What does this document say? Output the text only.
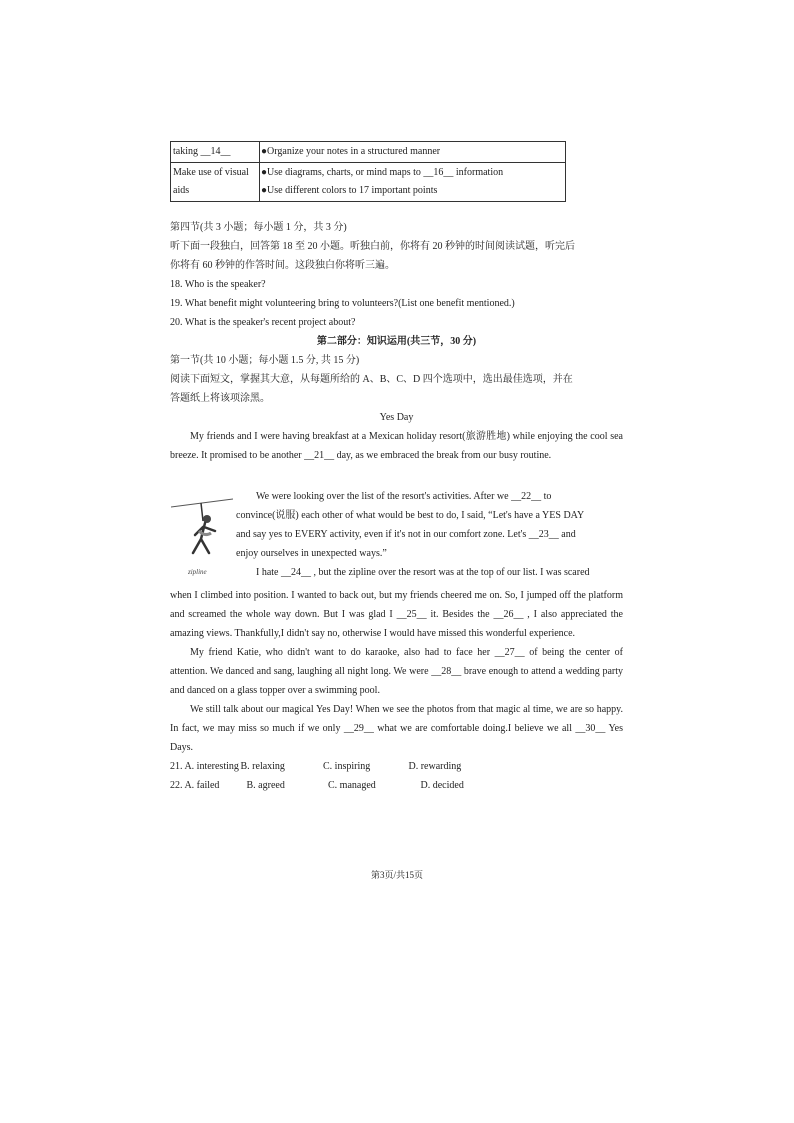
taking __14__	●Organize your notes in a structured manner

Make use of visual aids	●Use diagrams, charts, or mind maps to __16__ information
●Use different colors to 17 important points
第四节(共 3 小题；每小题 1 分，共 3 分)
听下面一段独白，回答第 18 至 20 小题。听独白前，你将有 20 秒钟的时间阅读试题，听完后
你将有 60 秒钟的作答时间。这段独白你将听三遍。
18. Who is the speaker?
19. What benefit might volunteering bring to volunteers?(List one benefit mentioned.)
20. What is the speaker's recent project about?
第二部分：知识运用(共三节，30 分)
第一节(共 10 小题；每小题 1.5 分, 共 15 分)
阅读下面短文，掌握其大意，从每题所给的 A、B、C、D 四个选项中，选出最佳选项，并在
答题纸上将该项涂黑。
Yes Day
My friends and I were having breakfast at a Mexican holiday resort(旅游胜地) while enjoying the cool sea breeze. It promised to be another __21__ day, as we embraced the break from our busy routine.
zipline
We were looking over the list of the resort's activities. After we __22__ to
convince(说服) each other of what would be best to do, I said, “Let's have a YES DAY
and say yes to EVERY activity, even if it's not in our comfort zone. Let's __23__ and
enjoy ourselves in unexpected ways.”
I hate __24__ , but the zipline over the resort was at the top of our list. I was scared
when I climbed into position. I wanted to back out, but my friends cheered me on. So, I jumped off the platform and screamed the whole way down. But I was glad I __25__ it. Besides the __26__ , I also appreciated the amazing views. Thankfully,I didn't say no, otherwise I would have missed this wonderful experience.
My friend Katie, who didn't want to do karaoke, also had to face her __27__ of being the center of attention. We danced and sang, laughing all night long. We were __28__ brave enough to attend a wedding party and danced on a glass topper over a swimming pool.
We still talk about our magical Yes Day! When we see the photos from that magic al time, we are so happy. In fact, we may miss so much if we only __29__ what we are comfortable doing.I believe we all __30__ Yes Days.
21. A. interesting B. relaxing	C. inspiring	D. rewarding
22. A. failed	B. agreed	C. managed	D. decided
第3页/共15页
